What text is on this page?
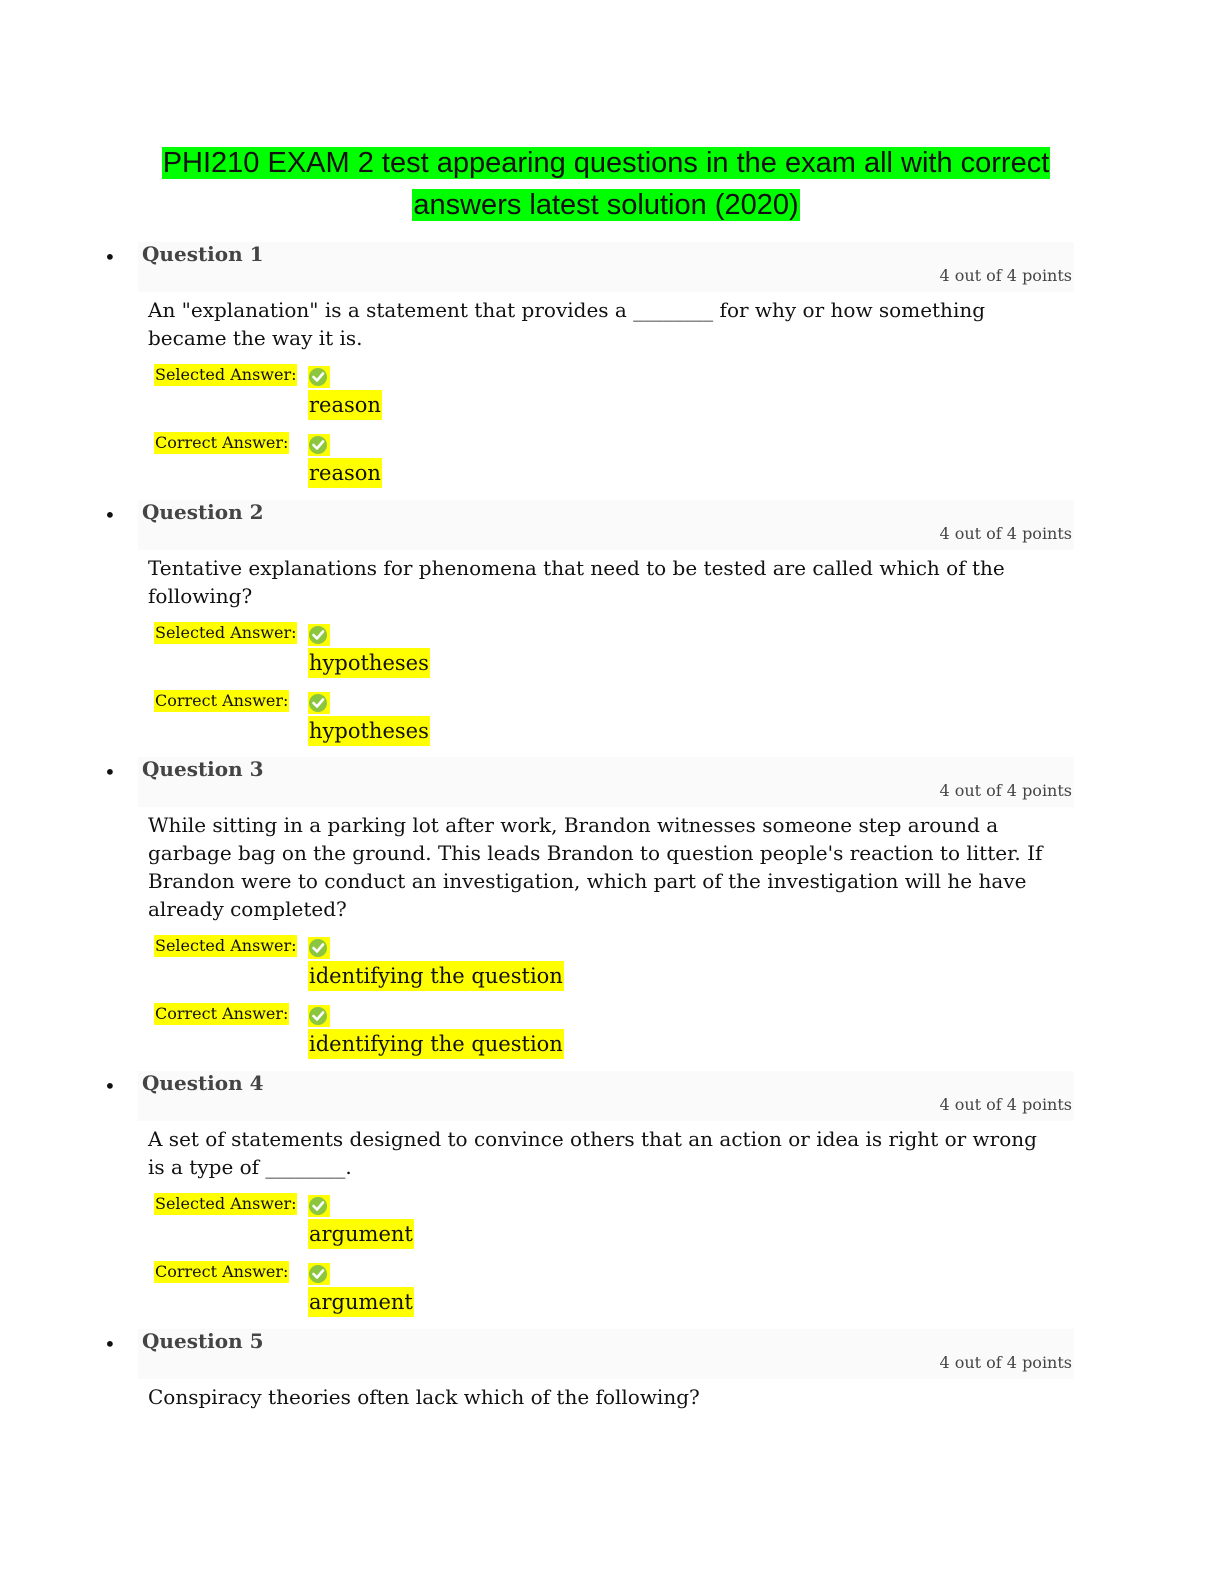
PHI210 EXAM 2 test appearing questions in the exam all with correct
answers latest solution (2020)
• Question 1
4 out of 4 points
An "explanation" is a statement that provides a ________ for why or how something became the way it is.
Selected Answer:
reason
Correct Answer:
reason
• Question 2
4 out of 4 points
Tentative explanations for phenomena that need to be tested are called which of the following?
Selected Answer:
hypotheses
Correct Answer:
hypotheses
• Question 3
4 out of 4 points
While sitting in a parking lot after work, Brandon witnesses someone step around a garbage bag on the ground. This leads Brandon to question people's reaction to litter. If Brandon were to conduct an investigation, which part of the investigation will he have already completed?
Selected Answer:
identifying the question
Correct Answer:
identifying the question
• Question 4
4 out of 4 points
A set of statements designed to convince others that an action or idea is right or wrong is a type of ________.
Selected Answer:
argument
Correct Answer:
argument
• Question 5
4 out of 4 points
Conspiracy theories often lack which of the following?
